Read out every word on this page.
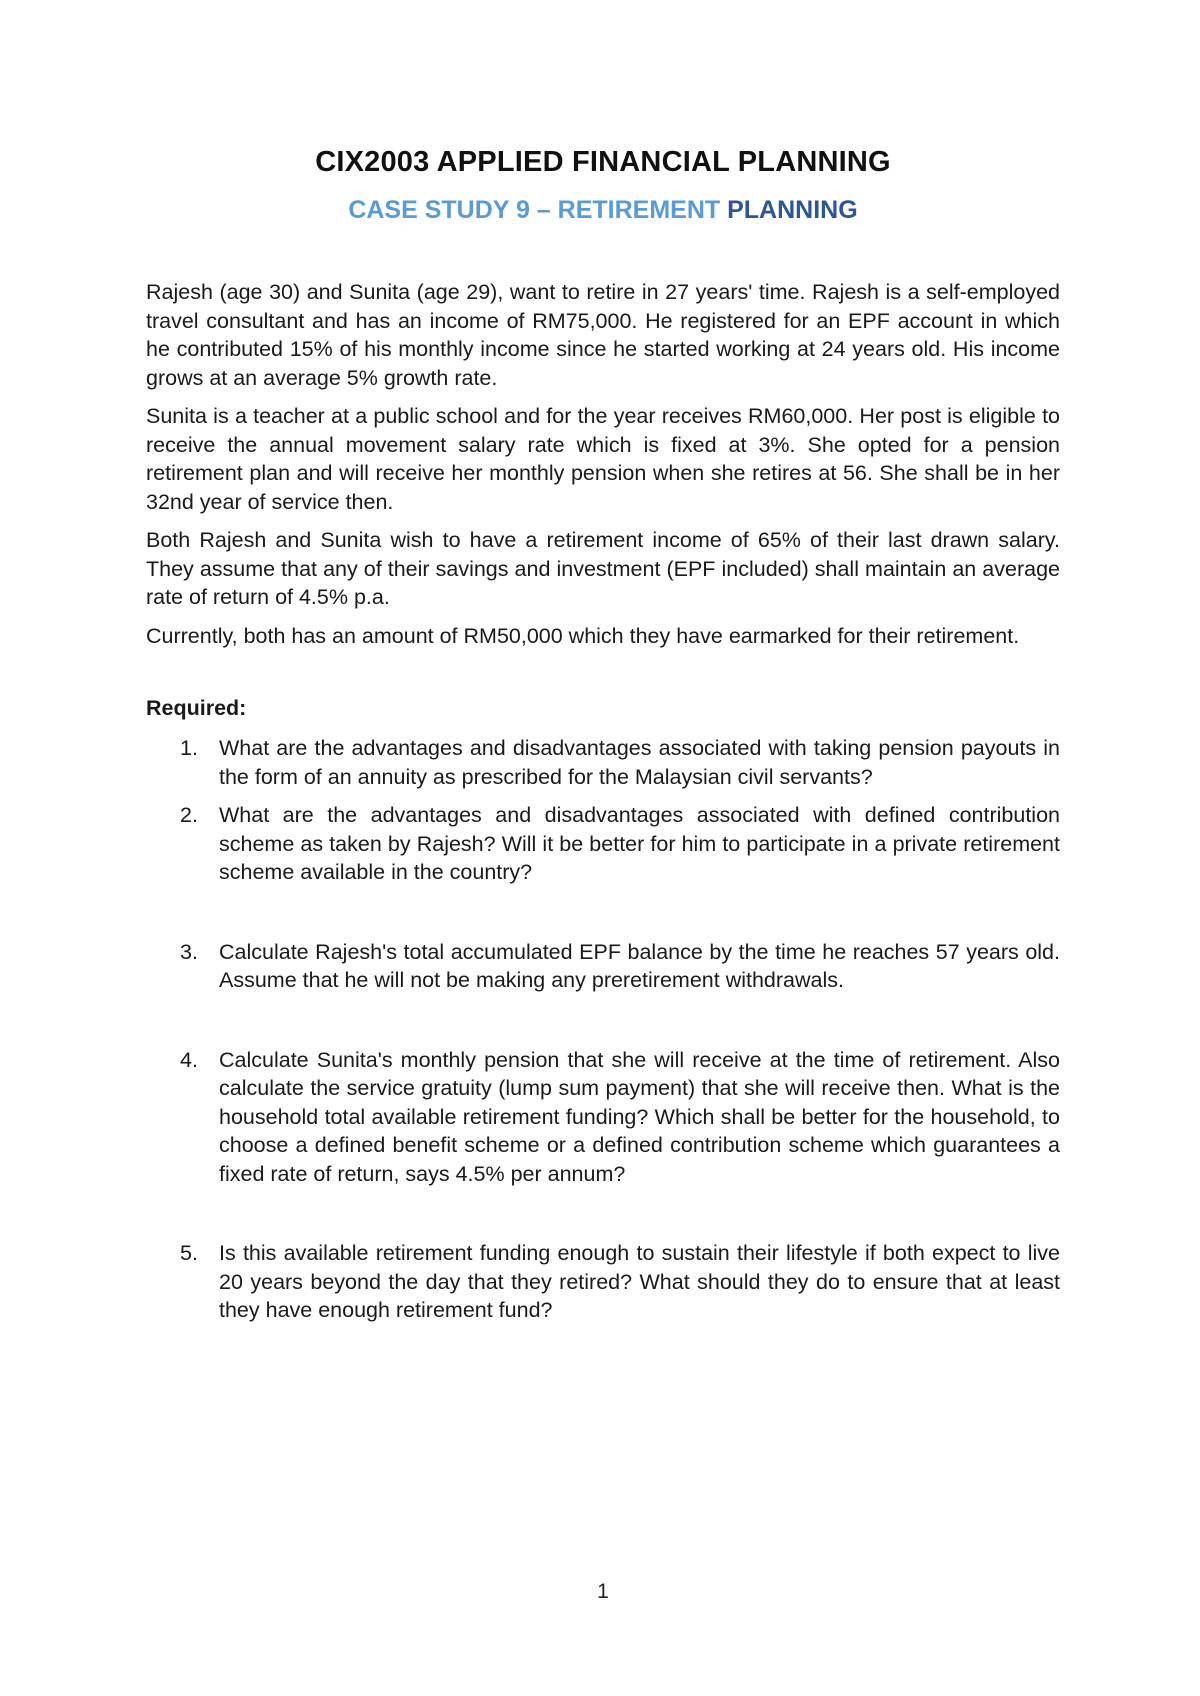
CIX2003 APPLIED FINANCIAL PLANNING
CASE STUDY 9 – RETIREMENT PLANNING

Rajesh (age 30) and Sunita (age 29), want to retire in 27 years' time. Rajesh is a self-employed travel consultant and has an income of RM75,000. He registered for an EPF account in which he contributed 15% of his monthly income since he started working at 24 years old. His income grows at an average 5% growth rate.

Sunita is a teacher at a public school and for the year receives RM60,000. Her post is eligible to receive the annual movement salary rate which is fixed at 3%. She opted for a pension retirement plan and will receive her monthly pension when she retires at 56. She shall be in her 32nd year of service then.

Both Rajesh and Sunita wish to have a retirement income of 65% of their last drawn salary. They assume that any of their savings and investment (EPF included) shall maintain an average rate of return of 4.5% p.a.

Currently, both has an amount of RM50,000 which they have earmarked for their retirement.

Required:
1. What are the advantages and disadvantages associated with taking pension payouts in the form of an annuity as prescribed for the Malaysian civil servants?
2. What are the advantages and disadvantages associated with defined contribution scheme as taken by Rajesh? Will it be better for him to participate in a private retirement scheme available in the country?
3. Calculate Rajesh's total accumulated EPF balance by the time he reaches 57 years old. Assume that he will not be making any preretirement withdrawals.
4. Calculate Sunita's monthly pension that she will receive at the time of retirement. Also calculate the service gratuity (lump sum payment) that she will receive then. What is the household total available retirement funding? Which shall be better for the household, to choose a defined benefit scheme or a defined contribution scheme which guarantees a fixed rate of return, says 4.5% per annum?
5. Is this available retirement funding enough to sustain their lifestyle if both expect to live 20 years beyond the day that they retired? What should they do to ensure that at least they have enough retirement fund?
1
